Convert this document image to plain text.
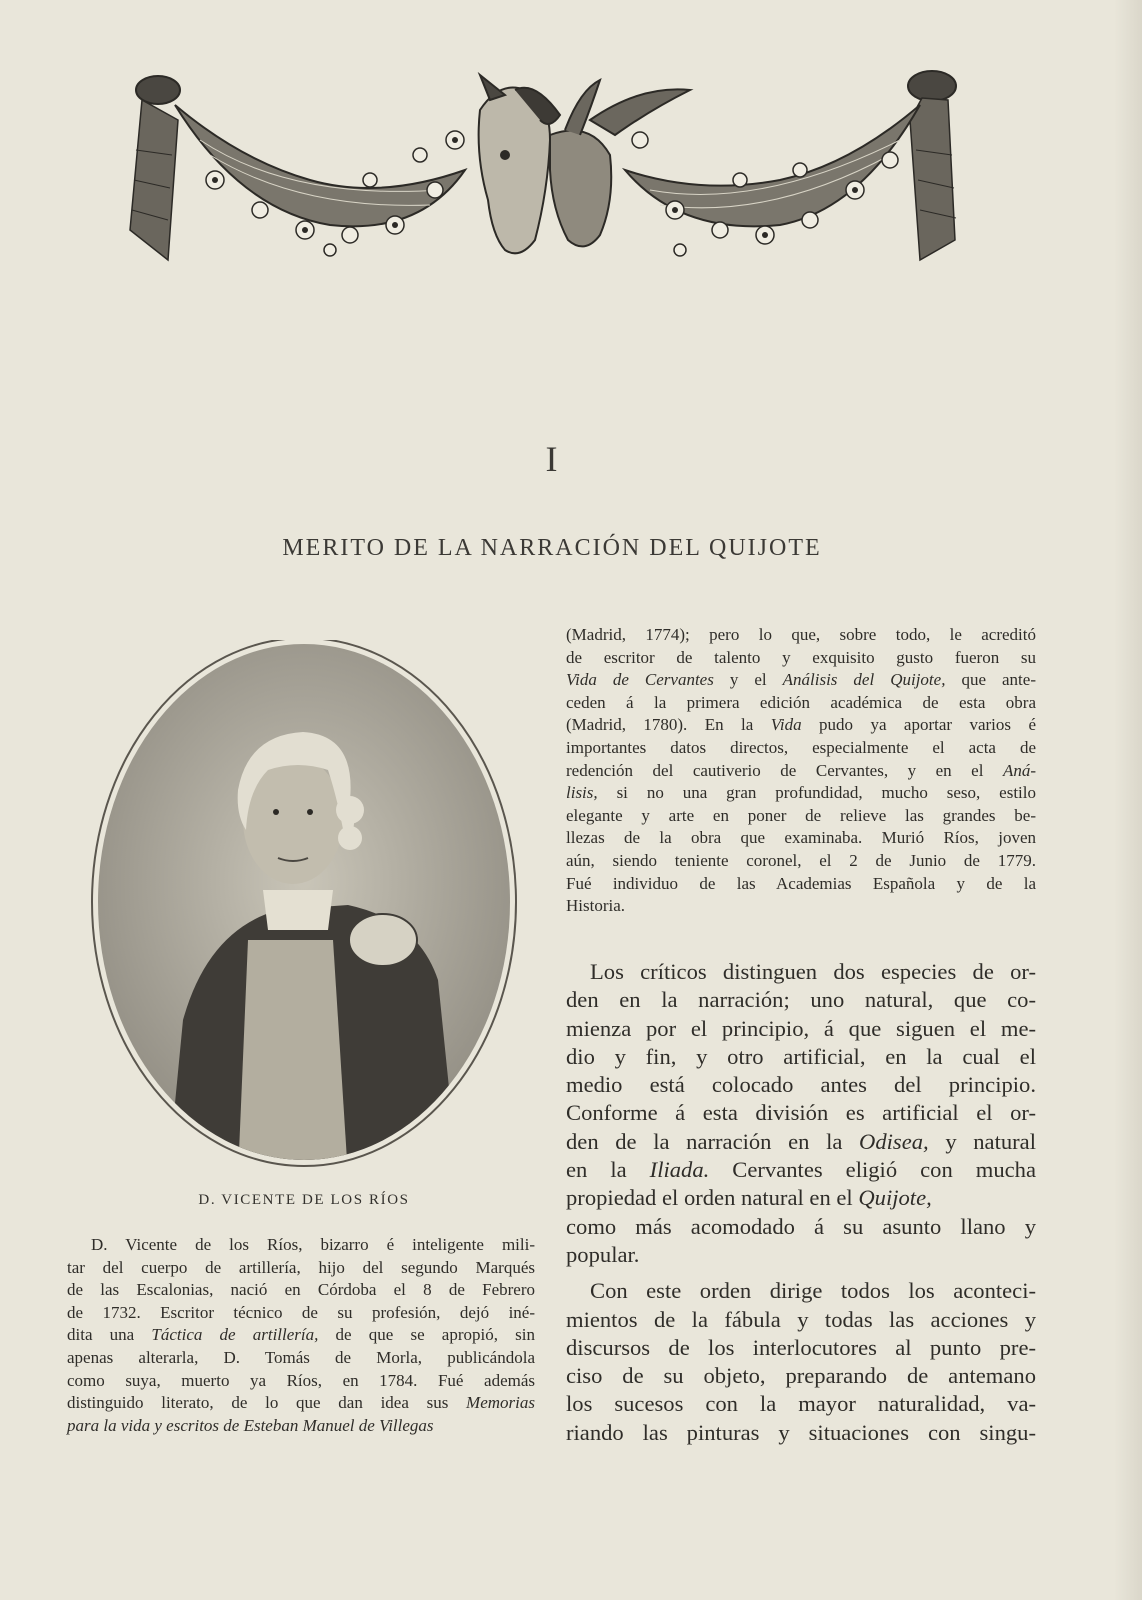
I
MERITO DE LA NARRACIÓN DEL QUIJOTE
D. VICENTE DE LOS RÍOS
D. Vicente de los Ríos, bizarro é inteligente mili-
tar del cuerpo de artillería, hijo del segundo Marqués
de las Escalonias, nació en Córdoba el 8 de Febrero
de 1732. Escritor técnico de su profesión, dejó iné-
dita una Táctica de artillería, de que se apropió, sin
apenas alterarla, D. Tomás de Morla, publicándola
como suya, muerto ya Ríos, en 1784. Fué además
distinguido literato, de lo que dan idea sus Memorias
para la vida y escritos de Esteban Manuel de Villegas
(Madrid, 1774); pero lo que, sobre todo, le acreditó
de escritor de talento y exquisito gusto fueron su
Vida de Cervantes y el Análisis del Quijote, que ante-
ceden á la primera edición académica de esta obra
(Madrid, 1780). En la Vida pudo ya aportar varios é
importantes datos directos, especialmente el acta de
redención del cautiverio de Cervantes, y en el Aná-
lisis, si no una gran profundidad, mucho seso, estilo
elegante y arte en poner de relieve las grandes be-
llezas de la obra que examinaba. Murió Ríos, joven
aún, siendo teniente coronel, el 2 de Junio de 1779.
Fué individuo de las Academias Española y de la
Historia.
Los críticos distinguen dos especies de or-
den en la narración; uno natural, que co-
mienza por el principio, á que siguen el me-
dio y fin, y otro artificial, en la cual el
medio está colocado antes del principio.
Conforme á esta división es artificial el or-
den de la narración en la Odisea, y natural
en la Iliada. Cervantes eligió con mucha
propiedad el orden natural en el Quijote,
como más acomodado á su asunto llano y
popular.
Con este orden dirige todos los aconteci-
mientos de la fábula y todas las acciones y
discursos de los interlocutores al punto pre-
ciso de su objeto, preparando de antemano
los sucesos con la mayor naturalidad, va-
riando las pinturas y situaciones con singu-
